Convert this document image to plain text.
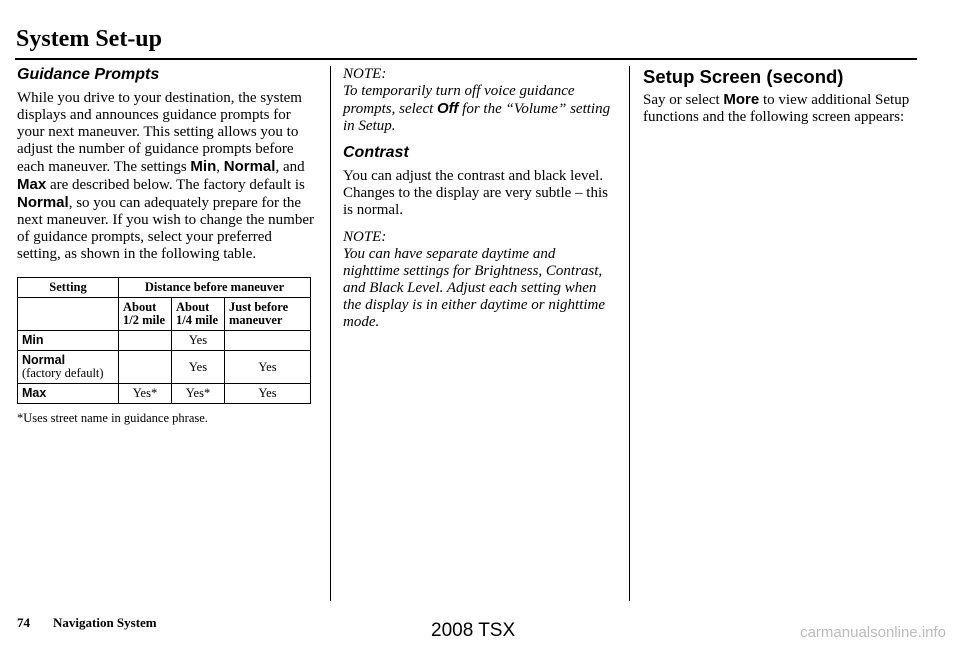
System Set-up
Guidance Prompts

While you drive to your destination, the system displays and announces guidance prompts for your next maneuver. This setting allows you to adjust the number of guidance prompts before each maneuver. The settings Min, Normal, and Max are described below. The factory default is Normal, so you can adequately prepare for the next maneuver. If you wish to change the number of guidance prompts, select your preferred setting, as shown in the following table.

Setting	Distance before maneuver		
	About 1/2 mile	About 1/4 mile	Just before maneuver
Min		Yes	

Normal
(factory default)		Yes	Yes
Max	Yes*	Yes*	Yes
*Uses street name in guidance phrase.

NOTE:

To temporarily turn off voice guidance prompts, select Off for the “Volume” setting in Setup.

Contrast

You can adjust the contrast and black level. Changes to the display are very subtle – this is normal.

NOTE:

You can have separate daytime and nighttime settings for Brightness, Contrast, and Black Level. Adjust each setting when the display is in either daytime or nighttime mode.

Setup Screen (second)

Say or select More to view additional Setup functions and the following screen appears:

74 Navigation System	2008 TSX	carmanualsonline.info
